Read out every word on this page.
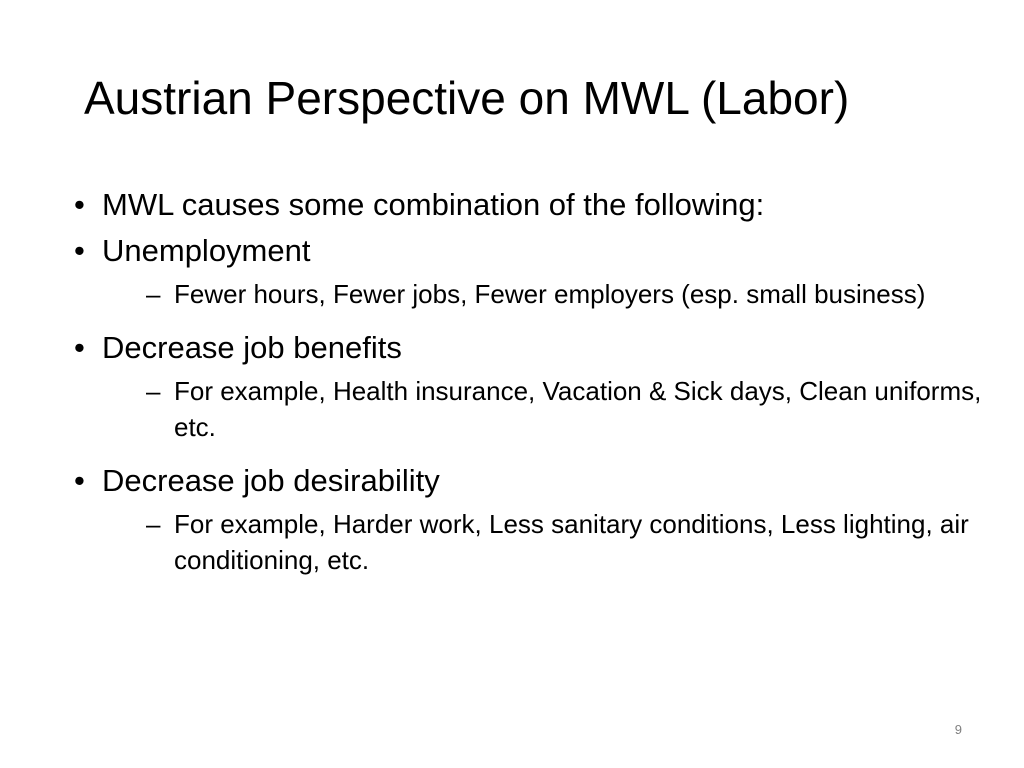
Austrian Perspective on MWL (Labor)
• MWL causes some combination of the following:
• Unemployment
– Fewer hours, Fewer jobs, Fewer employers (esp. small business)
• Decrease job benefits
– For example, Health insurance, Vacation & Sick days, Clean uniforms, etc.
• Decrease job desirability
– For example, Harder work, Less sanitary conditions, Less lighting, air conditioning, etc.
9
